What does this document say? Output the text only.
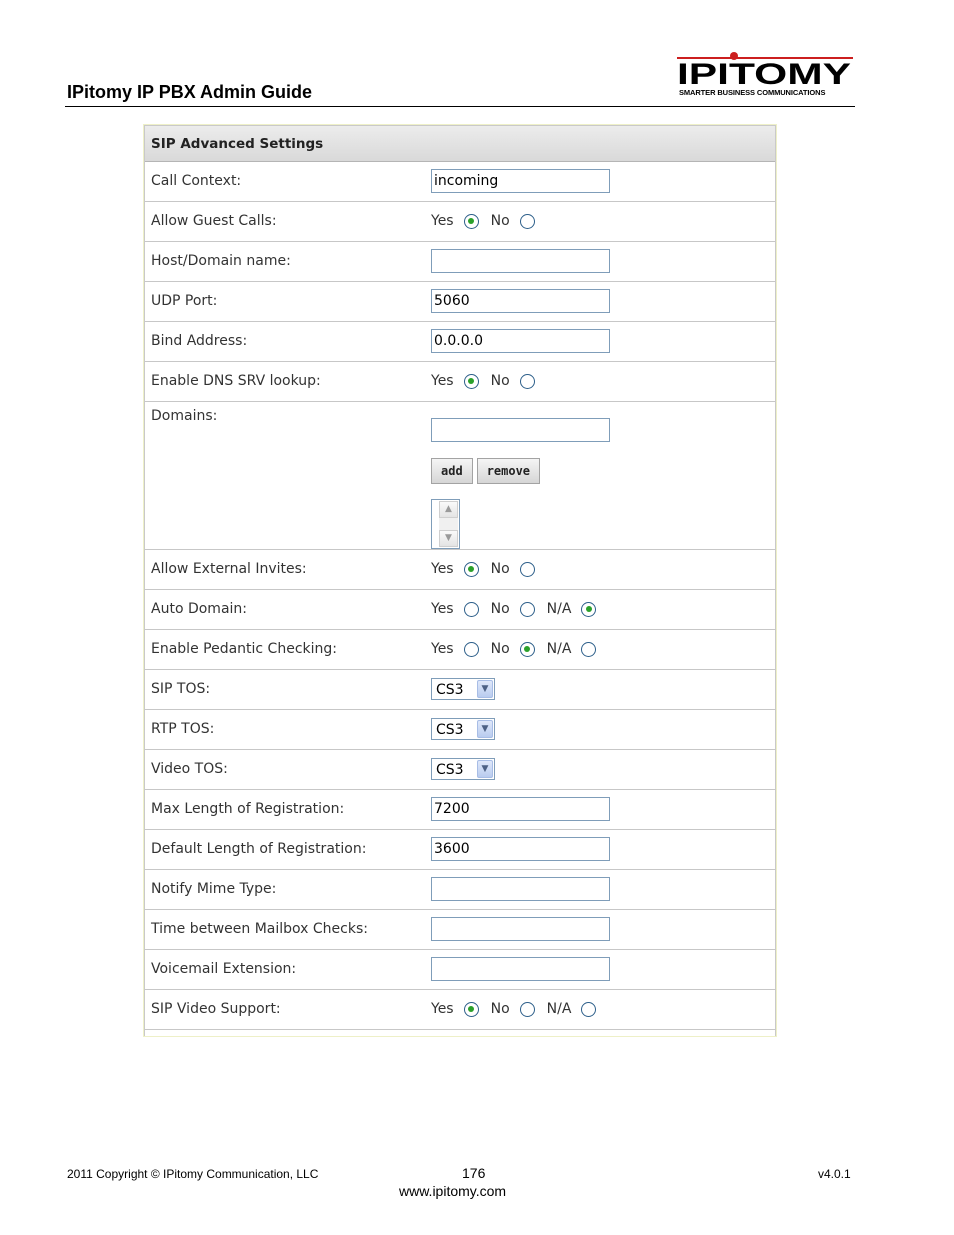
IPitomy IP PBX Admin Guide
IPITOMY
SMARTER BUSINESS COMMUNICATIONS
SIP Advanced Settings
Call Context:	incoming
Allow Guest Calls:	Yes	No
Host/Domain name:
UDP Port:	5060
Bind Address:	0.0.0.0
Enable DNS SRV lookup:	Yes	No
Domains:
add	remove
▲
▼
Allow External Invites:	Yes	No
Auto Domain:	Yes	No	N/A
Enable Pedantic Checking:	Yes	No	N/A
SIP TOS:	CS3	▼
RTP TOS:	CS3	▼
Video TOS:	CS3	▼
Max Length of Registration:	7200
Default Length of Registration:	3600
Notify Mime Type:
Time between Mailbox Checks:
Voicemail Extension:
SIP Video Support:	Yes	No	N/A
2011 Copyright © IPitomy Communication, LLC	176
www.ipitomy.com
v4.0.1
